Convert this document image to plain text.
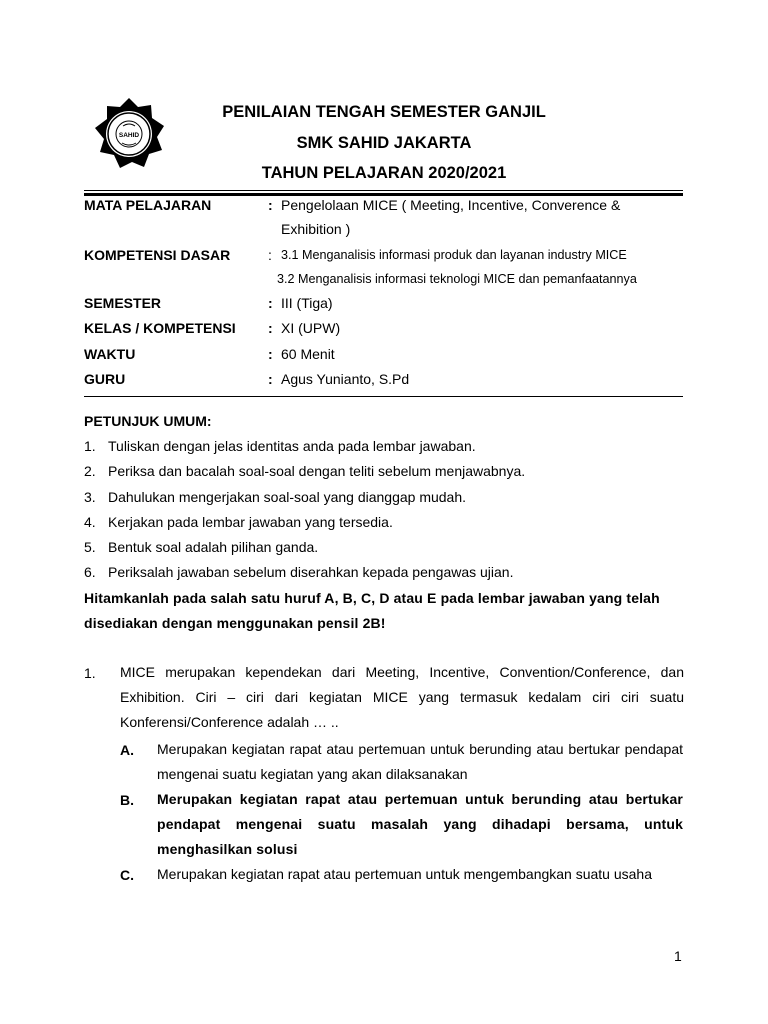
SAHID
PENILAIAN TENGAH SEMESTER GANJIL
SMK SAHID JAKARTA
TAHUN PELAJARAN 2020/2021
MATA PELAJARAN	: Pengelolaan MICE ( Meeting, Incentive, Converence &
Exhibition )
KOMPETENSI DASAR	: 3.1 Menganalisis informasi produk dan layanan industry MICE
3.2 Menganalisis informasi teknologi MICE dan pemanfaatannya
SEMESTER	: III (Tiga)
KELAS / KOMPETENSI : XI (UPW)
WAKTU	: 60 Menit
GURU	: Agus Yunianto, S.Pd
PETUNJUK UMUM:
1. Tuliskan dengan jelas identitas anda pada lembar jawaban.
2. Periksa dan bacalah soal-soal dengan teliti sebelum menjawabnya.
3. Dahulukan mengerjakan soal-soal yang dianggap mudah.
4. Kerjakan pada lembar jawaban yang tersedia.
5. Bentuk soal adalah pilihan ganda.
6. Periksalah jawaban sebelum diserahkan kepada pengawas ujian.
Hitamkanlah pada salah satu huruf A, B, C, D atau E pada lembar jawaban yang telah
disediakan dengan menggunakan pensil 2B!
1. MICE merupakan kependekan dari Meeting, Incentive, Convention/Conference, dan Exhibition. Ciri – ciri dari kegiatan MICE yang termasuk kedalam ciri ciri suatu Konferensi/Conference adalah … ..
A. Merupakan kegiatan rapat atau pertemuan untuk berunding atau bertukar pendapat mengenai suatu kegiatan yang akan dilaksanakan
B. Merupakan kegiatan rapat atau pertemuan untuk berunding atau bertukar pendapat mengenai suatu masalah yang dihadapi bersama, untuk menghasilkan solusi
C. Merupakan kegiatan rapat atau pertemuan untuk mengembangkan suatu usaha
1
